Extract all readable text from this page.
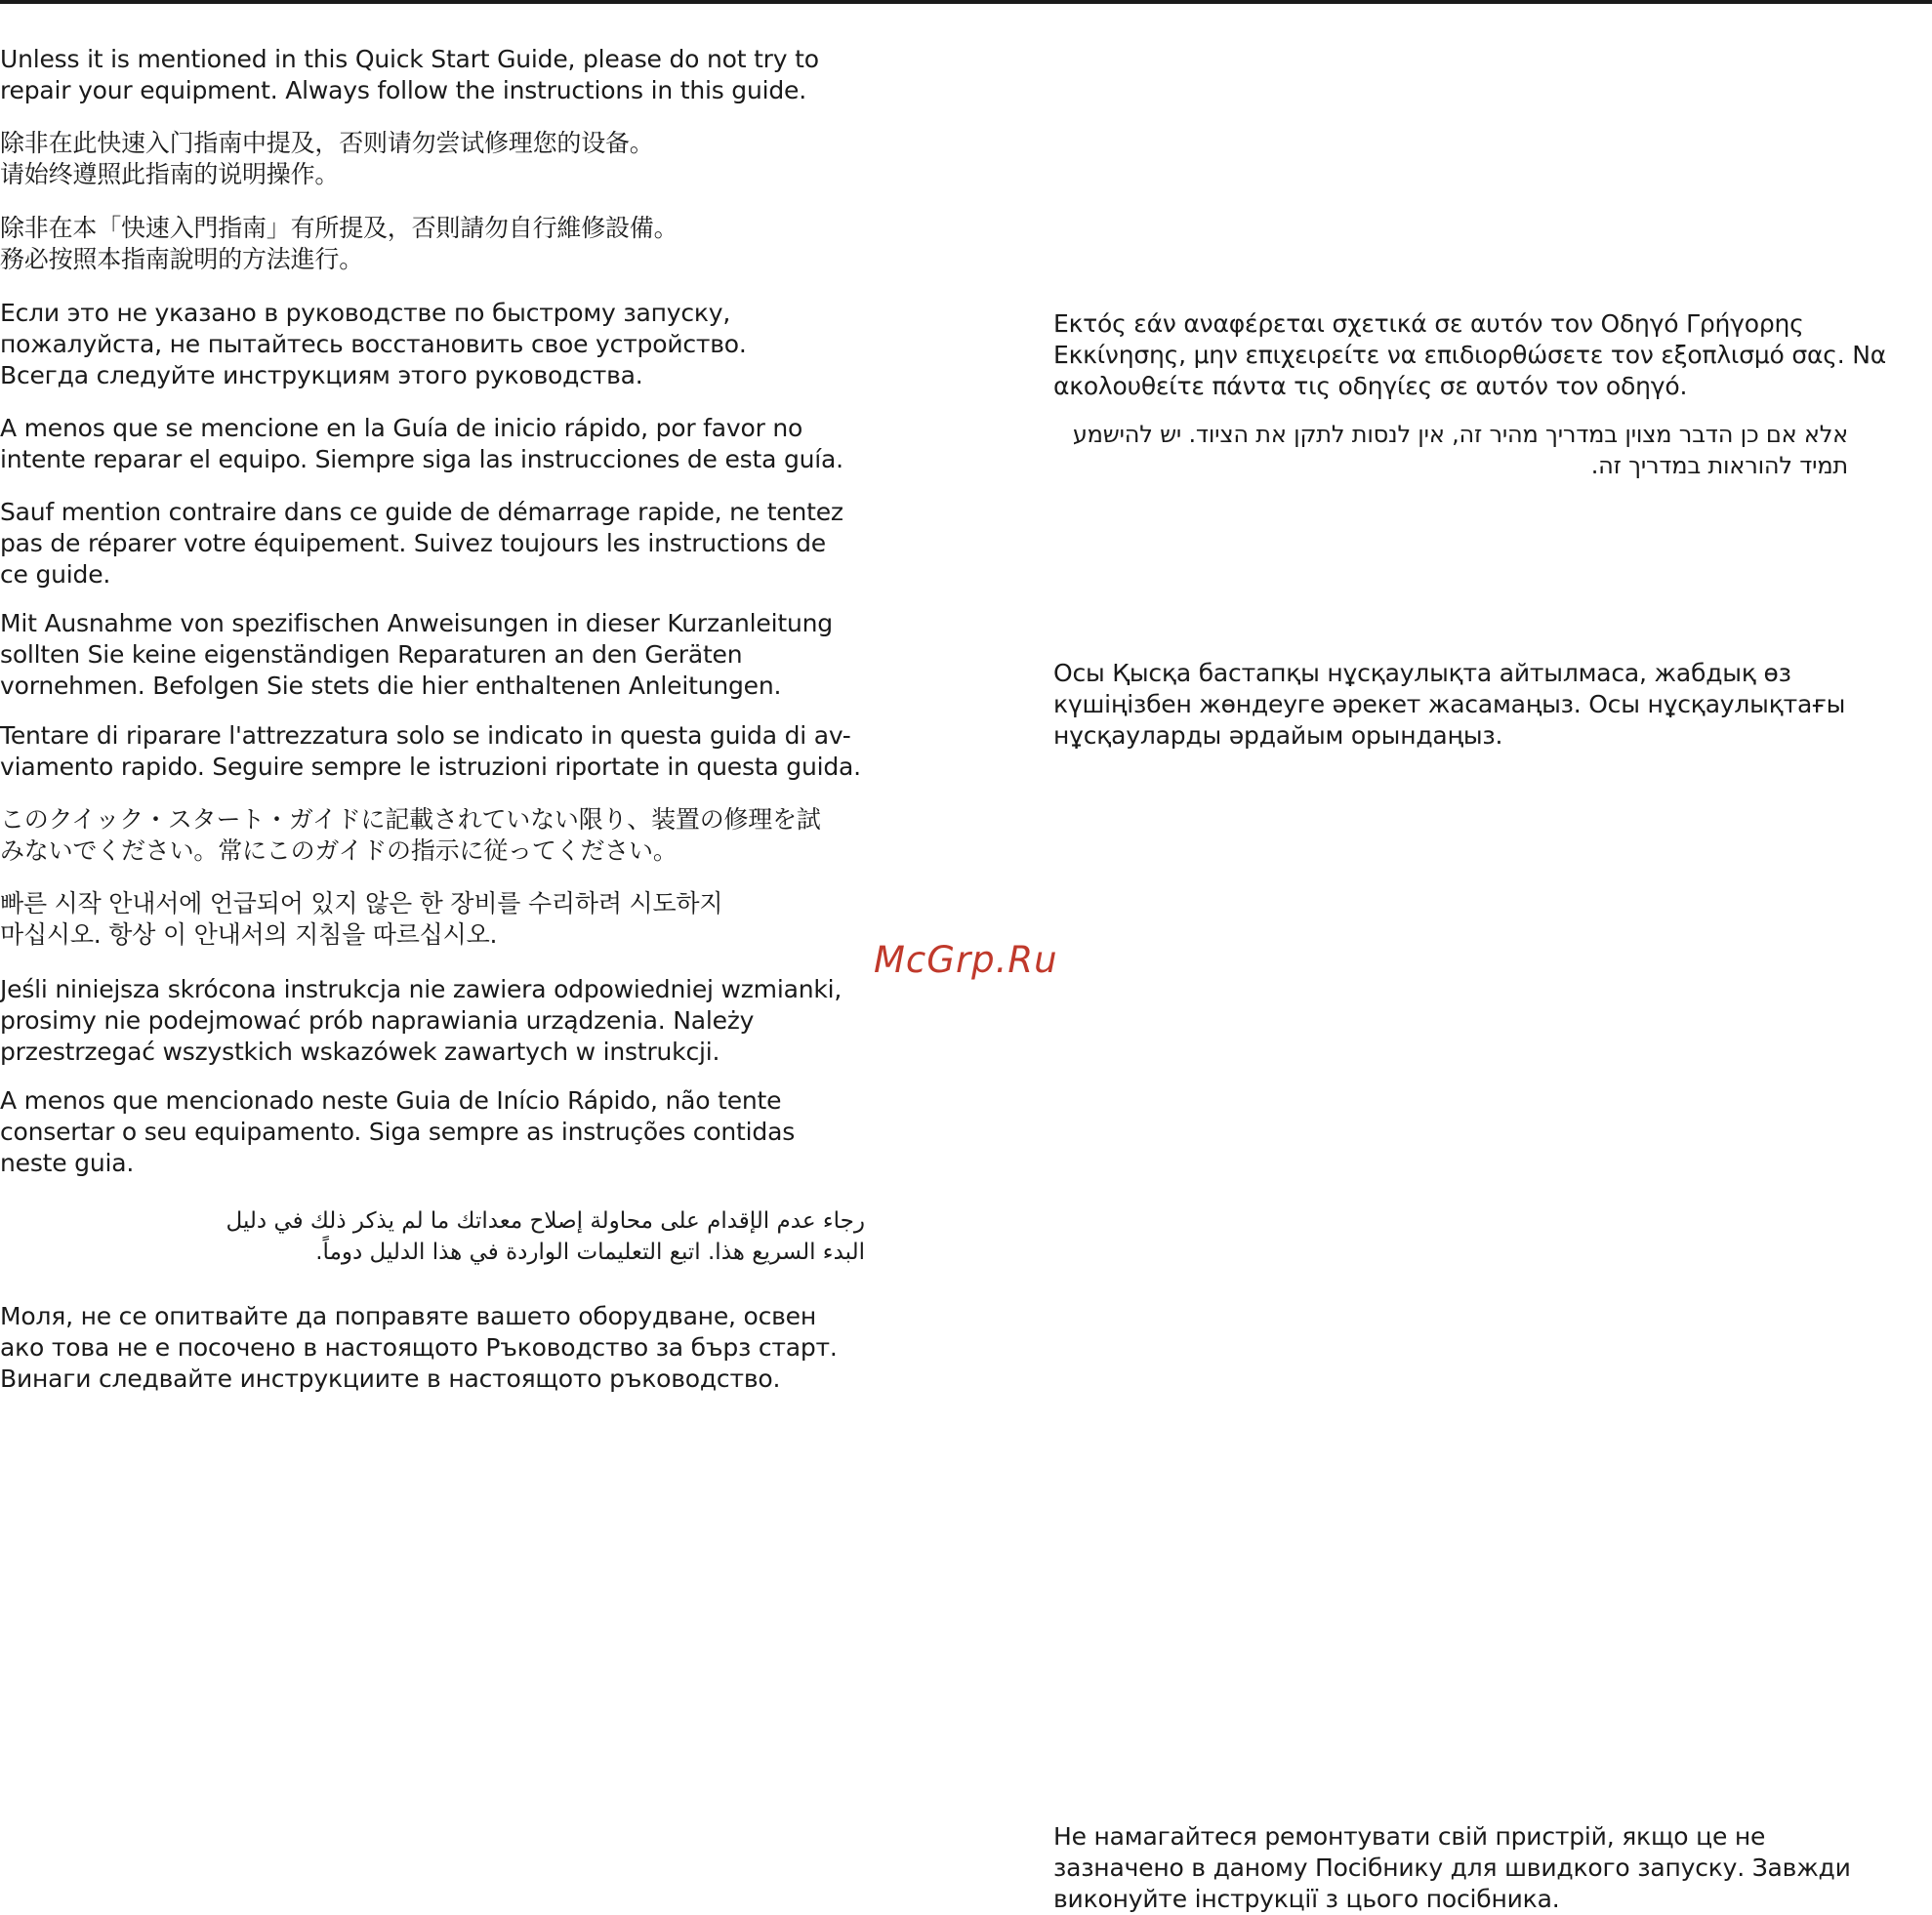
Unless it is mentioned in this Quick Start Guide, please do not try to
repair your equipment. Always follow the instructions in this guide.

除非在此快速入门指南中提及，否则请勿尝试修理您的设备。
请始终遵照此指南的说明操作。

除非在本「快速入門指南」有所提及，否則請勿自行維修設備。
務必按照本指南說明的方法進行。

Если это не указано в руководстве по быстрому запуску,
пожалуйста, не пытайтесь восстановить свое устройство.
Всегда следуйте инструкциям этого руководства.

A menos que se mencione en la Guía de inicio rápido, por favor no
intente reparar el equipo. Siempre siga las instrucciones de esta guía.

Sauf mention contraire dans ce guide de démarrage rapide, ne tentez
pas de réparer votre équipement. Suivez toujours les instructions de
ce guide.

Mit Ausnahme von spezifischen Anweisungen in dieser Kurzanleitung
sollten Sie keine eigenständigen Reparaturen an den Geräten
vornehmen. Befolgen Sie stets die hier enthaltenen Anleitungen.

Tentare di riparare l'attrezzatura solo se indicato in questa guida di av-
viamento rapido. Seguire sempre le istruzioni riportate in questa guida.

このクイック・スタート・ガイドに記載されていない限り、装置の修理を試
みないでください。常にこのガイドの指示に従ってください。

빠른 시작 안내서에 언급되어 있지 않은 한 장비를 수리하려 시도하지
마십시오. 항상 이 안내서의 지침을 따르십시오.

Jeśli niniejsza skrócona instrukcja nie zawiera odpowiedniej wzmianki,
prosimy nie podejmować prób naprawiania urządzenia. Należy
przestrzegać wszystkich wskazówek zawartych w instrukcji.

A menos que mencionado neste Guia de Início Rápido, não tente
consertar o seu equipamento. Siga sempre as instruções contidas
neste guia.

رجاء عدم الإقدام على محاولة إصلاح معداتك ما لم يذكر ذلك في دليل
البدء السريع هذا. اتبع التعليمات الواردة في هذا الدليل دوماً.

Моля, не се опитвайте да поправяте вашето оборудване, освен
ако това не е посочено в настоящото Ръководство за бърз старт.
Винаги следвайте инструкциите в настоящото ръководство.

Εκτός εάν αναφέρεται σχετικά σε αυτόν τον Οδηγό Γρήγορης
Εκκίνησης, μην επιχειρείτε να επιδιορθώσετε τον εξοπλισμό σας. Να
ακολουθείτε πάντα τις οδηγίες σε αυτόν τον οδηγό.

אלא אם כן הדבר מצוין במדריך מהיר זה, אין לנסות לתקן את הציוד. יש להישמע
תמיד להוראות במדריך זה.

Осы Қысқа бастапқы нұсқаулықта айтылмаса, жабдық өз
күшіңізбен жөндеуге әрекет жасамаңыз. Осы нұсқаулықтағы
нұсқауларды әрдайым орындаңыз.

Не намагайтеся ремонтувати свій пристрій, якщо це не
зазначено в даному Посібнику для швидкого запуску. Завжди
виконуйте інструкції з цього посібника.

McGrp.Ru
